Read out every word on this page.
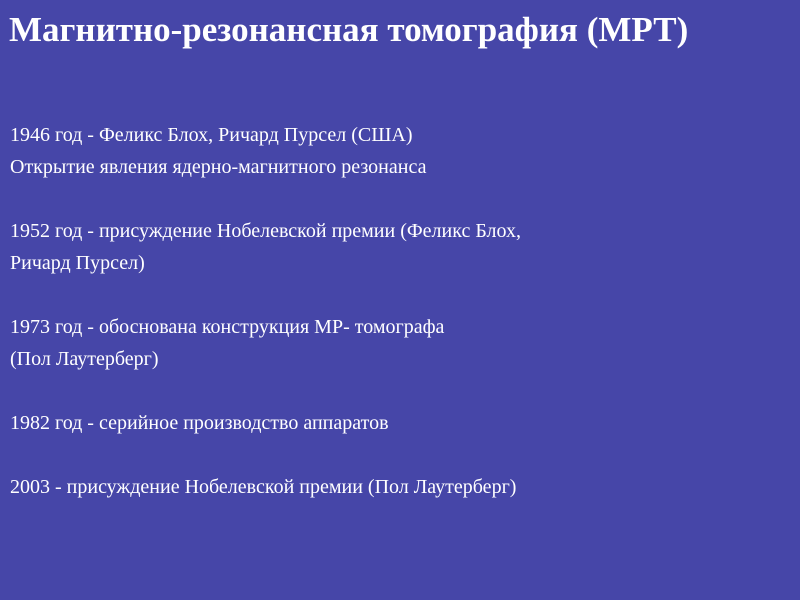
Магнитно-резонансная томография (МРТ)
1946 год - Феликс Блох, Ричард Пурсел (США)
Открытие явления ядерно-магнитного резонанса
1952 год - присуждение Нобелевской премии (Феликс Блох,
Ричард Пурсел)
1973 год - обоснована конструкция МР- томографа
(Пол Лаутерберг)
1982 год - серийное производство аппаратов
2003 - присуждение Нобелевской премии (Пол Лаутерберг)
